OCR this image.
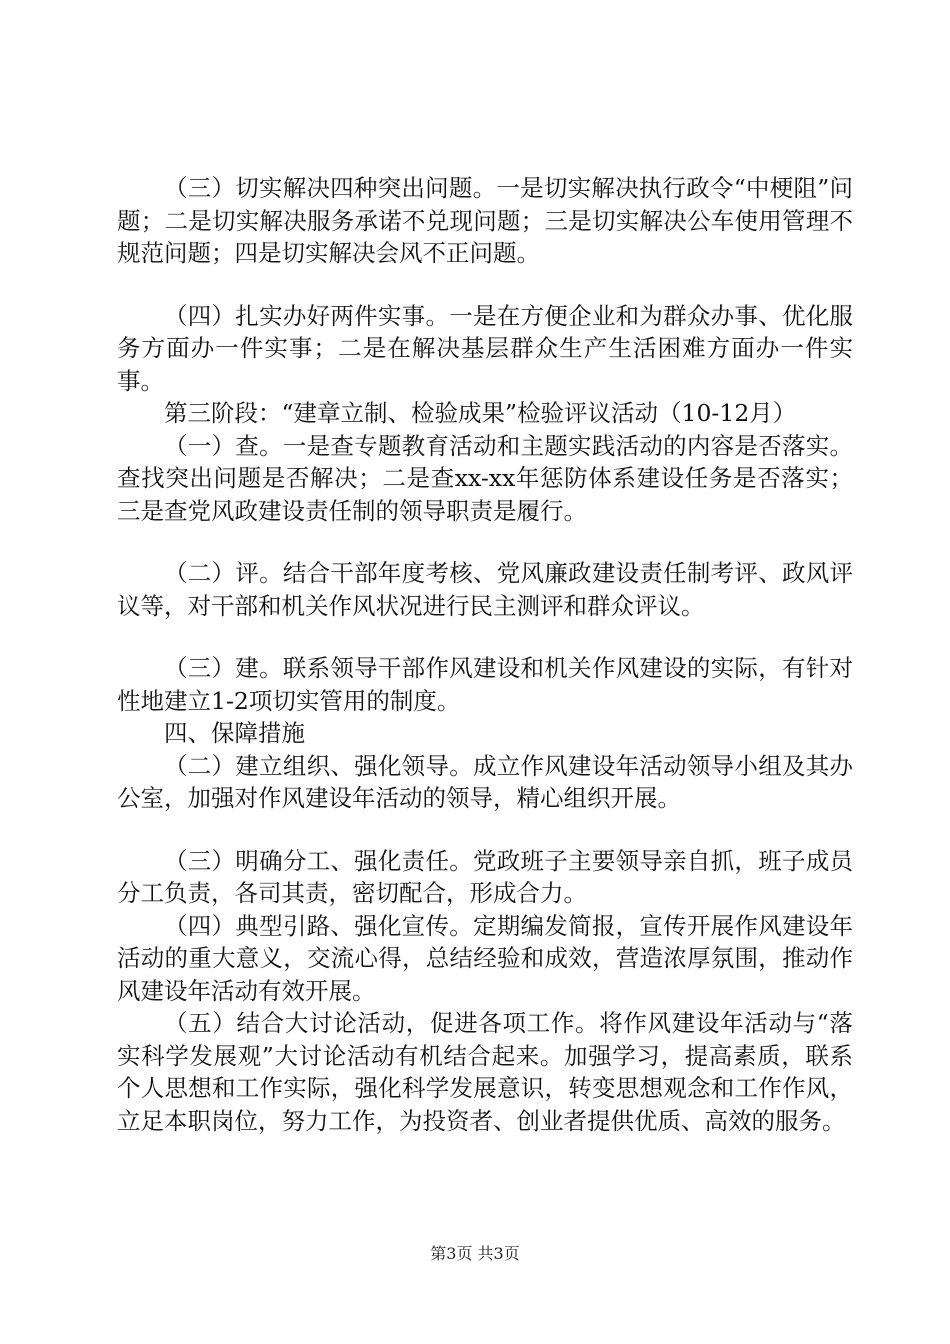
（三）切实解决四种突出问题。一是切实解决执行政令“中梗阻”问题；二是切实解决服务承诺不兑现问题；三是切实解决公车使用管理不规范问题；四是切实解决会风不正问题。

（四）扎实办好两件实事。一是在方便企业和为群众办事、优化服务方面办一件实事；二是在解决基层群众生产生活困难方面办一件实事。

第三阶段：“建章立制、检验成果”检验评议活动（10-12月）

（一）查。一是查专题教育活动和主题实践活动的内容是否落实。查找突出问题是否解决；二是查xx-xx年惩防体系建设任务是否落实；三是查党风政建设责任制的领导职责是履行。

（二）评。结合干部年度考核、党风廉政建设责任制考评、政风评议等，对干部和机关作风状况进行民主测评和群众评议。

（三）建。联系领导干部作风建设和机关作风建设的实际，有针对性地建立1-2项切实管用的制度。

四、保障措施

（二）建立组织、强化领导。成立作风建设年活动领导小组及其办公室，加强对作风建设年活动的领导，精心组织开展。

（三）明确分工、强化责任。党政班子主要领导亲自抓，班子成员分工负责，各司其责，密切配合，形成合力。

（四）典型引路、强化宣传。定期编发简报，宣传开展作风建设年活动的重大意义，交流心得，总结经验和成效，营造浓厚氛围，推动作风建设年活动有效开展。

（五）结合大讨论活动，促进各项工作。将作风建设年活动与“落实科学发展观”大讨论活动有机结合起来。加强学习，提高素质，联系个人思想和工作实际，强化科学发展意识，转变思想观念和工作作风，立足本职岗位，努力工作，为投资者、创业者提供优质、高效的服务。

第3页 共3页
